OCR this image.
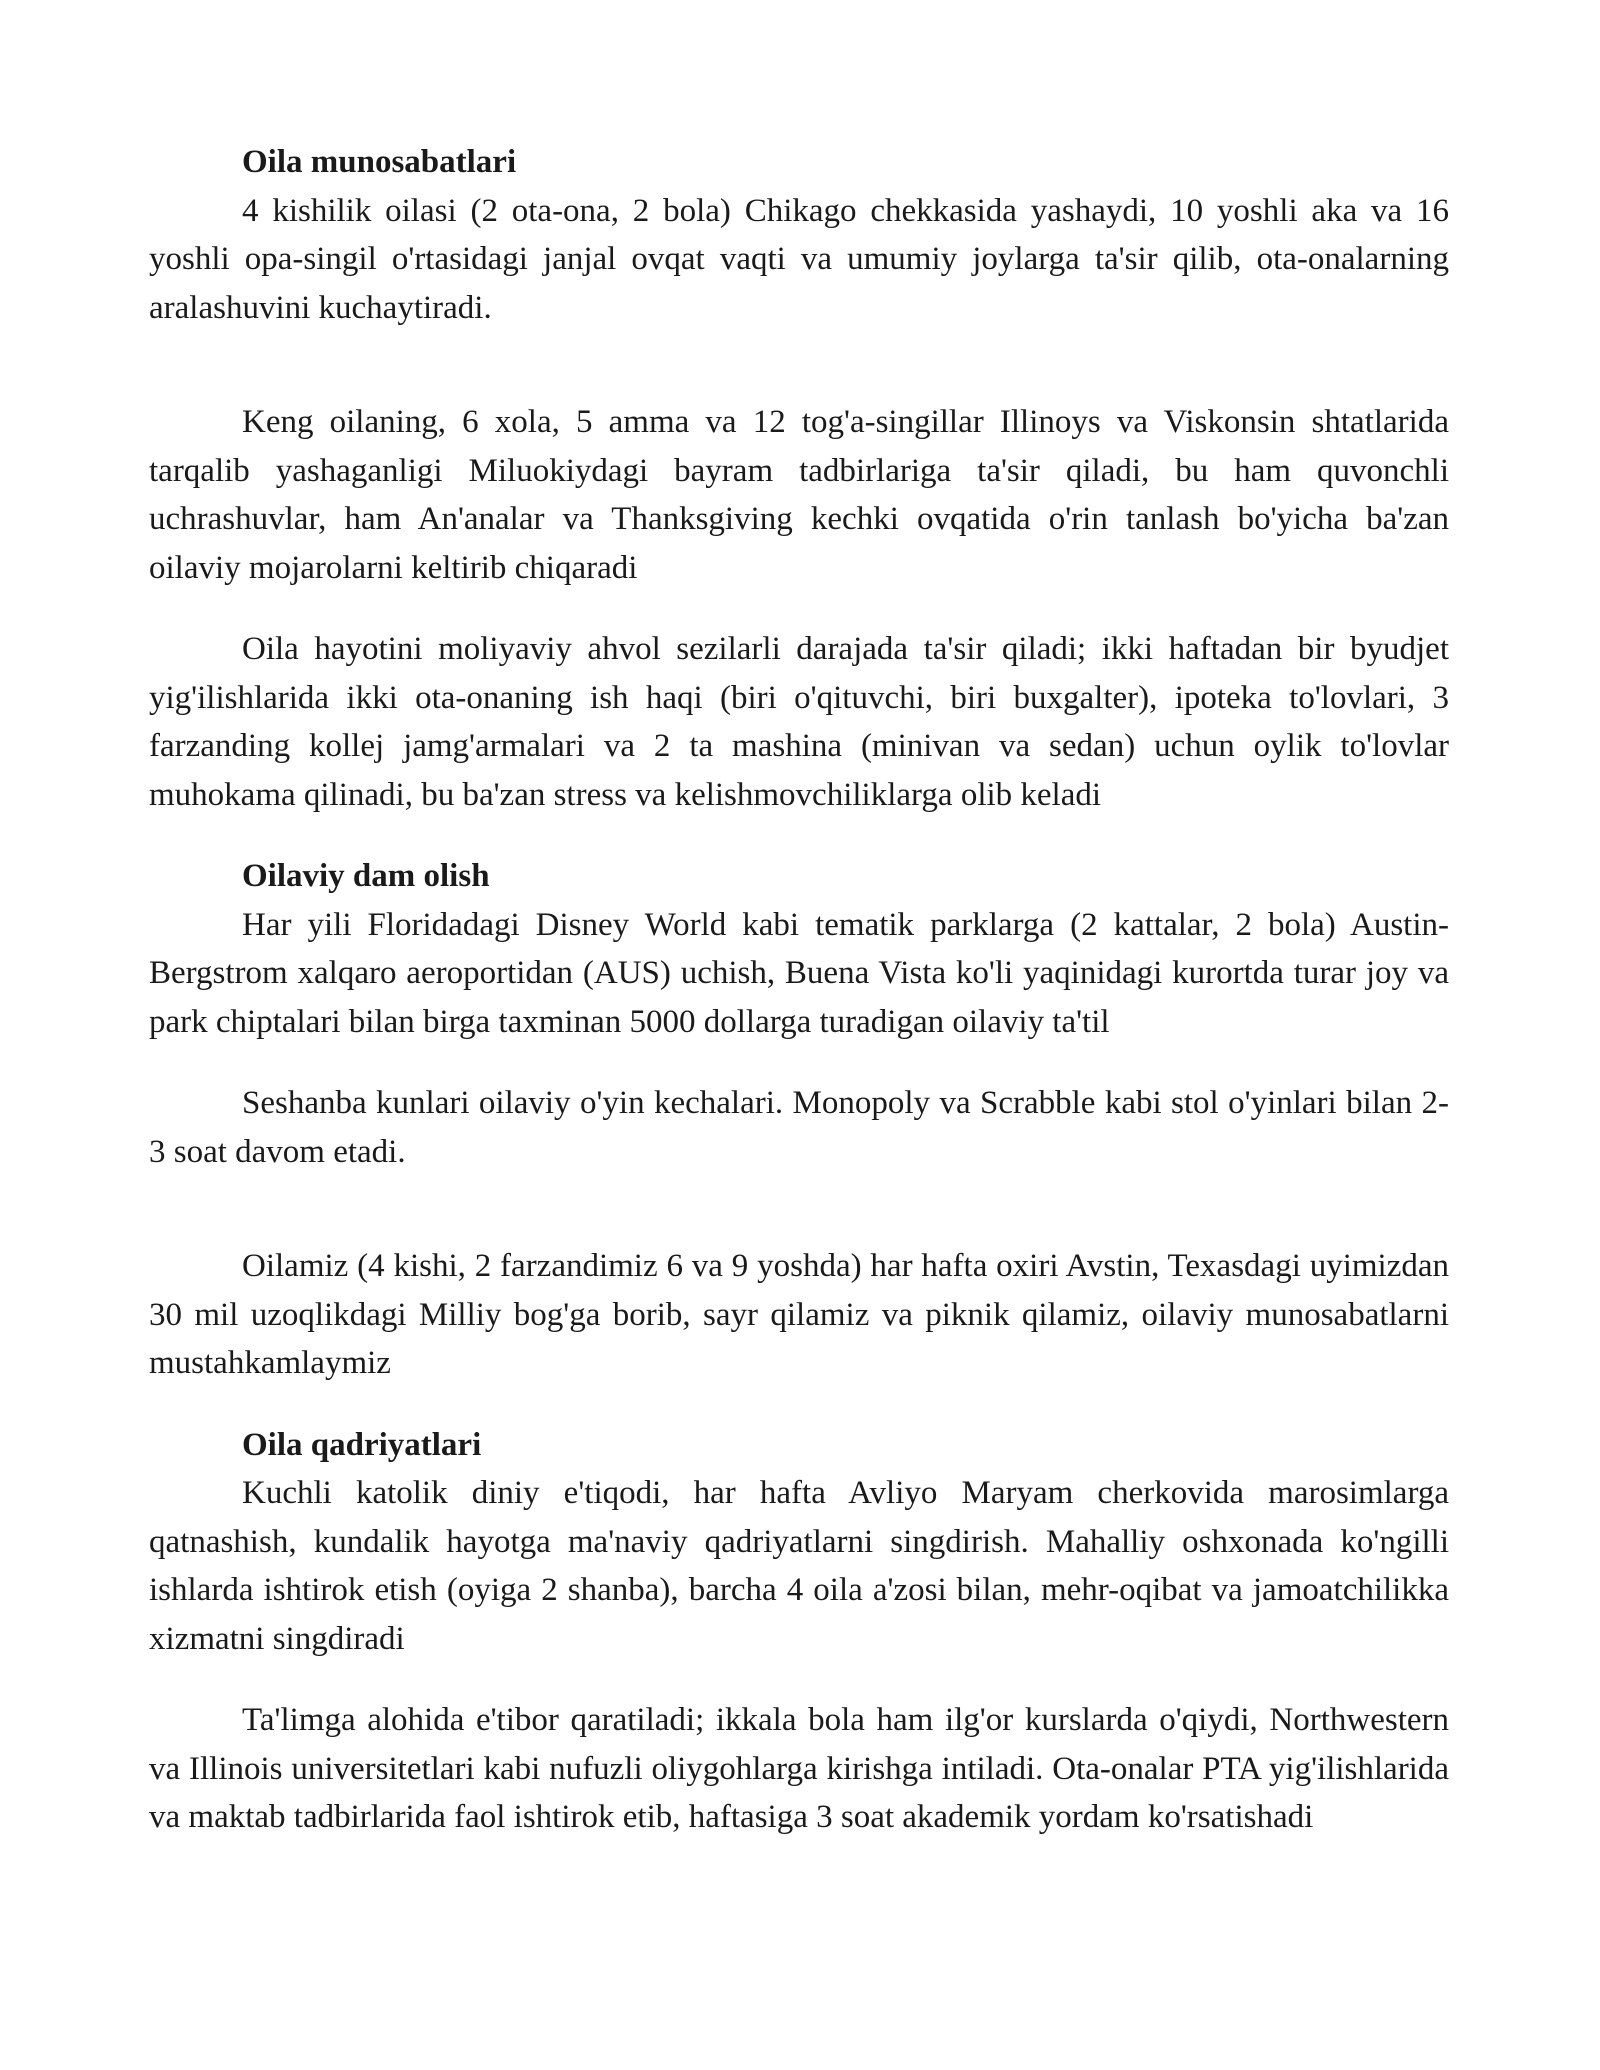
Oila munosabatlari

4 kishilik oilasi (2 ota-ona, 2 bola) Chikago chekkasida yashaydi, 10 yoshli aka va 16 yoshli opa-singil o'rtasidagi janjal ovqat vaqti va umumiy joylarga ta'sir qilib, ota-onalarning aralashuvini kuchaytiradi.

Keng oilaning, 6 xola, 5 amma va 12 tog'a-singillar Illinoys va Viskonsin shtatlarida tarqalib yashaganligi Miluokiydagi bayram tadbirlariga ta'sir qiladi, bu ham quvonchli uchrashuvlar, ham An'analar va Thanksgiving kechki ovqatida o'rin tanlash bo'yicha ba'zan oilaviy mojarolarni keltirib chiqaradi

Oila hayotini moliyaviy ahvol sezilarli darajada ta'sir qiladi; ikki haftadan bir byudjet yig'ilishlarida ikki ota-onaning ish haqi (biri o'qituvchi, biri buxgalter), ipoteka to'lovlari, 3 farzanding kollej jamg'armalari va 2 ta mashina (minivan va sedan) uchun oylik to'lovlar muhokama qilinadi, bu ba'zan stress va kelishmovchiliklarga olib keladi

Oilaviy dam olish

Har yili Floridadagi Disney World kabi tematik parklarga (2 kattalar, 2 bola) Austin-Bergstrom xalqaro aeroportidan (AUS) uchish, Buena Vista ko'li yaqinidagi kurortda turar joy va park chiptalari bilan birga taxminan 5000 dollarga turadigan oilaviy ta'til

Seshanba kunlari oilaviy o'yin kechalari. Monopoly va Scrabble kabi stol o'yinlari bilan 2-3 soat davom etadi.

Oilamiz (4 kishi, 2 farzandimiz 6 va 9 yoshda) har hafta oxiri Avstin, Texasdagi uyimizdan 30 mil uzoqlikdagi Milliy bog'ga borib, sayr qilamiz va piknik qilamiz, oilaviy munosabatlarni mustahkamlaymiz

Oila qadriyatlari

Kuchli katolik diniy e'tiqodi, har hafta Avliyo Maryam cherkovida marosimlarga qatnashish, kundalik hayotga ma'naviy qadriyatlarni singdirish. Mahalliy oshxonada ko'ngilli ishlarda ishtirok etish (oyiga 2 shanba), barcha 4 oila a'zosi bilan, mehr-oqibat va jamoatchilikka xizmatni singdiradi

Ta'limga alohida e'tibor qaratiladi; ikkala bola ham ilg'or kurslarda o'qiydi, Northwestern va Illinois universitetlari kabi nufuzli oliygohlarga kirishga intiladi. Ota-onalar PTA yig'ilishlarida va maktab tadbirlarida faol ishtirok etib, haftasiga 3 soat akademik yordam ko'rsatishadi
